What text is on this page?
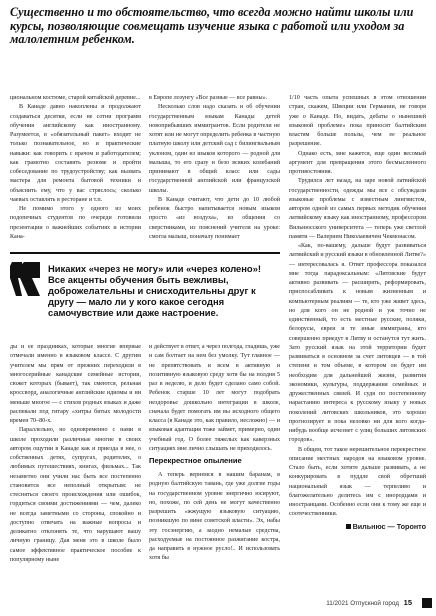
Существенно и то обстоятельство, что всегда можно найти школы или курсы, позволяющие совмещать изучение языка с работой или уходом за малолетним ребенком.

циональном костюме, старой китайской деревне...

В Канаде давно накоплены и продолжают создаваться десятки, если не сотни программ обучения английскому как иностранному. Разумеется, в «обязательный пакет» входит не только познавательное, но и практические навыки: как говорить с врачом и работодателем; как грамотно составить резюме и пройти собеседование по трудоустройству; как вызвать мастера для ремонта бытовой техники и объяснить ему, что у вас стряслось; сколько чаевых оставлять в ресторане и т.п.

Не помимо этого у одного из моих подопечных студентов по очереди готовили презентации о важнейших событиях и истории Кана-

в Европе лозунгу «Все разные — все равны».

Несколько слов надо сказать и об обучении государственным языкам Канады детей новоприбывших иммигрантов. Если родители не хотят или не могут определить ребенка в частную платную школу или детский сад с билингвальным уклоном, один из языков которого — родной для малыша, то его сразу и безо всяких колебаний принимают в общий класс или сады государственной английской или французской школы.

В Канаде считают, что дети до 10 любой ребенок быстро напитывается новым языком просто «из воздуха», из общения со сверстниками, из пояснений учителя на уроке: смогла малыш, поначалу понимает

1/10 часть опыта успешных в этом отношении стран, скажем, Швеции или Германии, не говоря уже о Канаде. Но, видать, дебаты о нынешней языковой проблеме» пока приносят балтийским властям больше пользы, чем ее реальное разрешение.

Однако есть, мне кажется, еще один весомый аргумент для превращения этого бесмысленного противостояния.

Трудился лет назад, на заре новой латвийской государственности, одежды мы все с обсуждали языковые проблемы с известным лингвистом, автором одной из самых первых методик обучения латвийскому языку как иностранному, профессором Вильнюсского университета — теперь уже светлой памяти — Валерием Николаевичем Чекмонасом.

«Как, по-вашему, дальше будут развиваться латвийский и русский языки в обновленной Литве?» — интересовалась я. Ответ профессора показался мне тогда парадоксальным: «Литовские будут активно развивать — расширять, реформировать, приспосабливать к новым жизненным и компьютерным реалиям — те, кто уже живет здесь, но для кого он не родной и уж точно не единственный, то есть местные русские, поляки, белорусы, евреи и те иные иммиграны, кто совершенно приедут в Литву и останутся тут жить. Зато русский язык на этой территории будет развиваться в основном за счет литовцев — в той степени и том объеме, в котором он будет им необходим для дальнейшей жизни, развития экономики, культуры, поддержания семейных и дружественных связей. И судя по постепенному нарастанию интереса к русскому языку у новых поколений литовских школьников, это хорошо прогнозирует и пока неловко ни для кого когда-нибудь вообще исчезнет с улиц больших литовских городов».

В общем, тот такое нерешительное перекрестное описание местных народов на языковом уровне. Стало быть, если хотите дальше развивать, а не конкурировать в пуддле свой обретший национальный язык — терпеливо и благожелательно делитесь им с инородцами и иностранцами. Особенно если они к тому же еще и соотечественники.

Вильнюс — Торонто
Никаких «через не могу» или «через колено»! Все акценты обучения быть вежливы, доброжелательны и снисходительны друг к другу — мало ли у кого какое сегодня самочувствие или даже настроение.

ды и ее праздниках, которые многие впервые отмечали именно в языковом классе. С другим учителем мы прям от прежних переходили в многосерийные канадские семейные истории, сюжет которых (бывает), так смеются, рельная кроссворд, аналогичные английские идиомы и ни меньше многое — с стихов родных языках и даже распевали под гитару «хитры битых молодости времен 70–80-х.

Параллельно, но одновременно с нами в школе проходили различные многие в своих автором ощутии в Канаде как и приезда в нее, о собственных детях, супругах, родителях, о любимых путешествиях, книгах, фильмах... Так незаметно они учили нас быть все постепенно становится все неполный открытым: не стесняться своего происхождения или ошибок, гордиться своими достижениями — чем, далеко не всегда заметными со стороны, спокойно и доступно отвечать на важные вопросы и деликатно отклонять те, что нарушают вашу личную границу. Дая меня это в школе было самое эффективное практическое пособие к популярному ныне

и действует в ответ, а через полгода, гладишь, уже и сам болтает на нем без умолку. Тут главное — не препятствовать и всем в активную и позитивную языковую среду хотя бы на полдня 5 раз в неделю, и дело будет сделано само собой. Ребенок старше 10 лет могут подобрать нездоровье дошкольно интеграции в школе, сначала будет помогать им вы исходного общего класса (в Канаде это, как правило, несложно) — и языковая адаптация тоже займет, примерно, один учебный год. О более тяжелых как каверзных ситуациях мне лично слышать не приходилось.

Перекрестное опыление

А теперь вернемся в нашим баранам, в родную балтийскую тавань, где уже долгие годы на государственном уровне энергично юсируют, но, похоже, по сей день не могут качественно разрешить «жжущую языковую ситуацию, позникшую по вине советской власти». Эх, набы эту госэнергию, а заодно немалые средства, расходуемые на постоянное разжигание костра, да направить в нужное русло!.. И использовать хотя бы

11/2021 Отпускной город 15
